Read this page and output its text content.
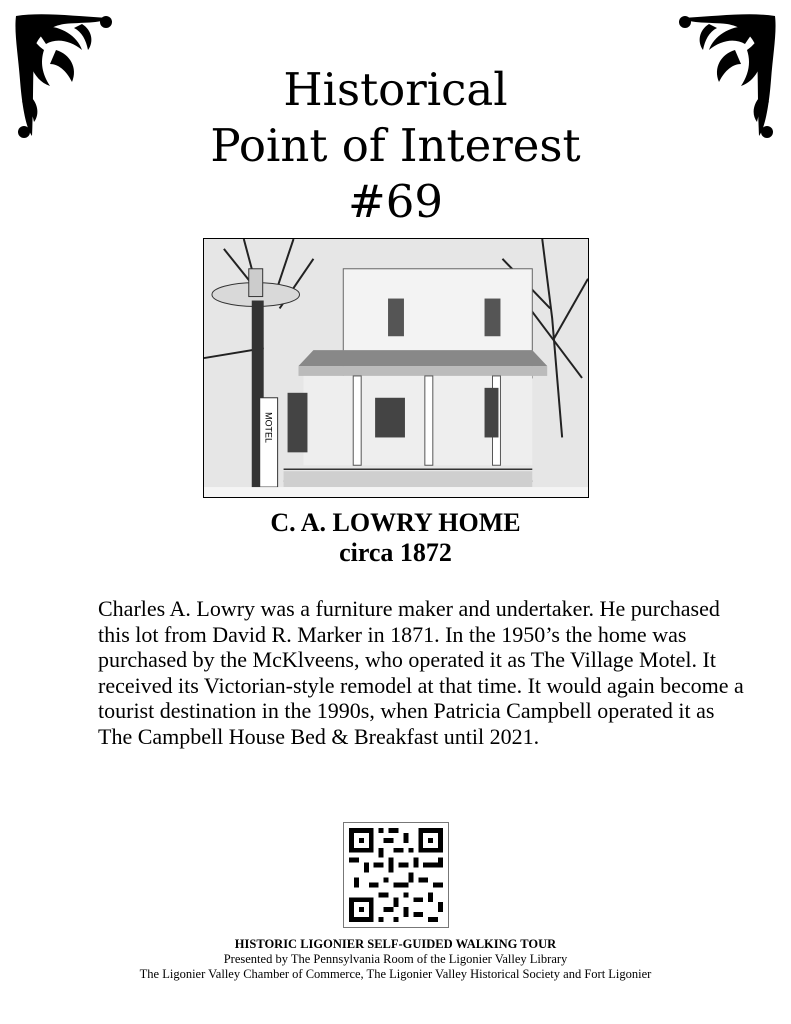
Historical
Point of Interest
#69
MOTEL
C. A. LOWRY HOME
circa 1872
Charles A. Lowry was a furniture maker and undertaker. He purchased this lot from David R. Marker in 1871. In the 1950’s the home was purchased by the McKlveens, who operated it as The Village Motel. It received its Victorian-style remodel at that time. It would again become a tourist destination in the 1990s, when Patricia Campbell operated it as The Campbell House Bed & Breakfast until 2021.
HISTORIC LIGONIER SELF-GUIDED WALKING TOUR
Presented by The Pennsylvania Room of the Ligonier Valley Library
The Ligonier Valley Chamber of Commerce, The Ligonier Valley Historical Society and Fort Ligonier
